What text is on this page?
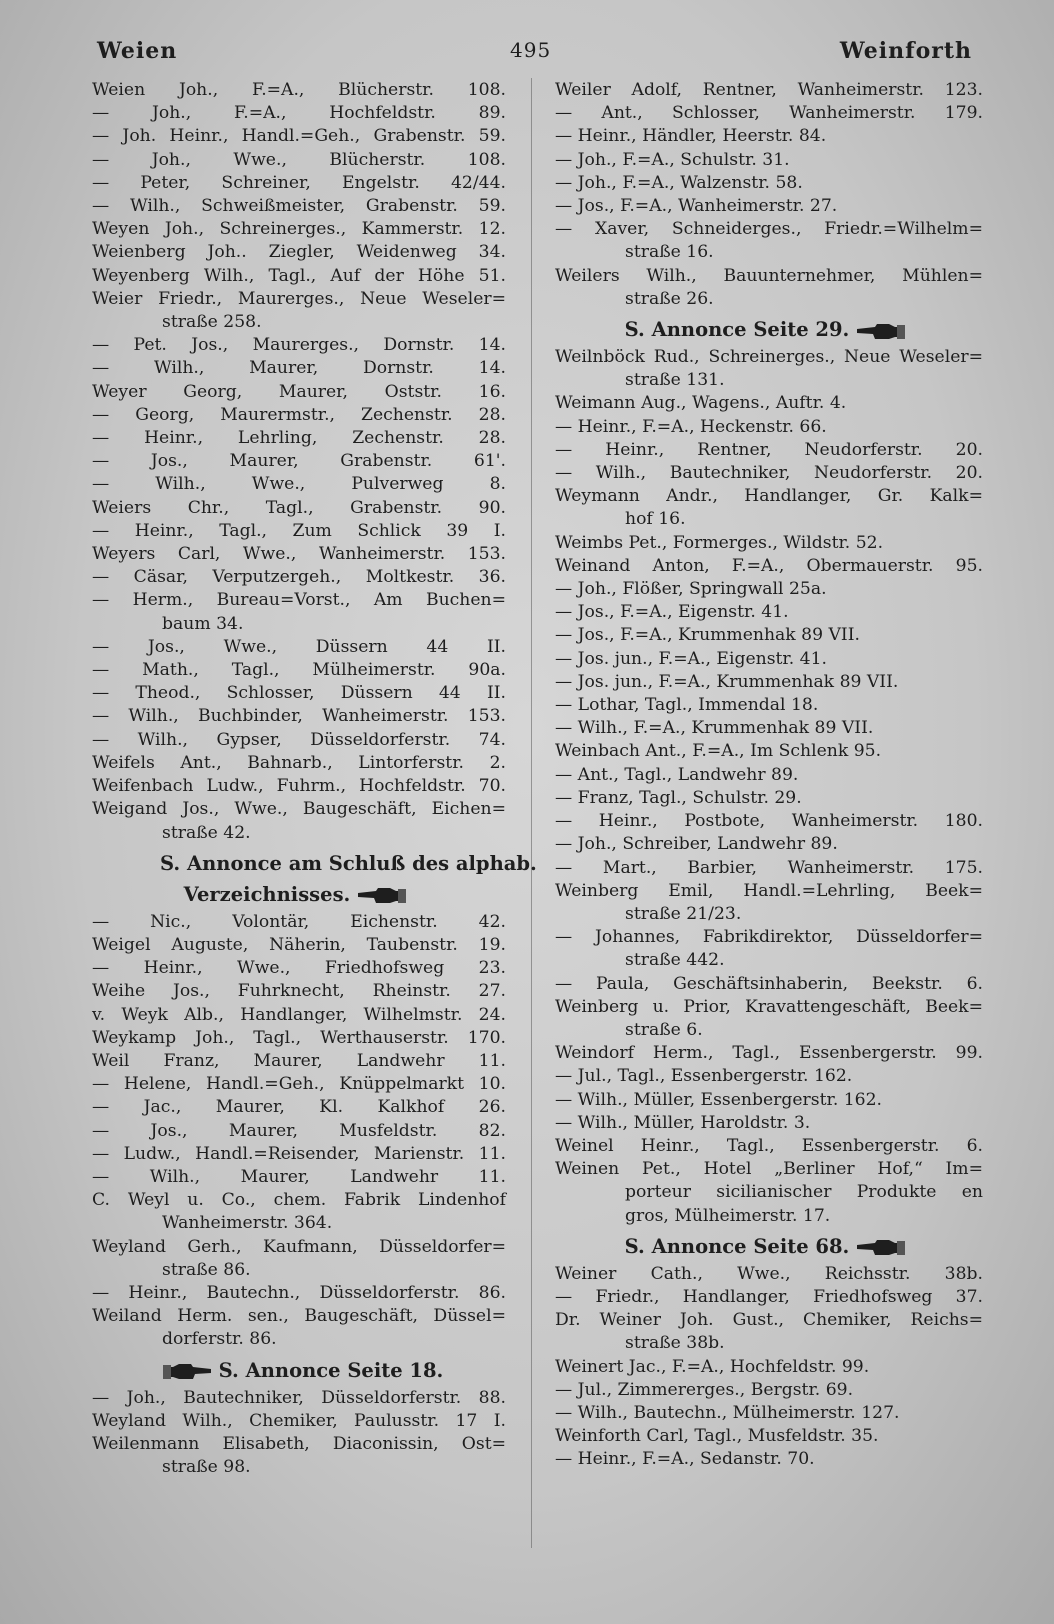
Weien	495	Weinforth
Weien Joh., F.=A., Blücherstr. 108.
— Joh., F.=A., Hochfeldstr. 89.
— Joh. Heinr., Handl.=Geh., Grabenstr. 59.
— Joh., Wwe., Blücherstr. 108.
— Peter, Schreiner, Engelstr. 42/44.
— Wilh., Schweißmeister, Grabenstr. 59.
Weyen Joh., Schreinerges., Kammerstr. 12.
Weienberg Joh.. Ziegler, Weidenweg 34.
Weyenberg Wilh., Tagl., Auf der Höhe 51.
Weier Friedr., Maurerges., Neue Weseler=
straße 258.
— Pet. Jos., Maurerges., Dornstr. 14.
— Wilh., Maurer, Dornstr. 14.
Weyer Georg, Maurer, Oststr. 16.
— Georg, Maurermstr., Zechenstr. 28.
— Heinr., Lehrling, Zechenstr. 28.
— Jos., Maurer, Grabenstr. 61'.
— Wilh., Wwe., Pulverweg 8.
Weiers Chr., Tagl., Grabenstr. 90.
— Heinr., Tagl., Zum Schlick 39 I.
Weyers Carl, Wwe., Wanheimerstr. 153.
— Cäsar, Verputzergeh., Moltkestr. 36.
— Herm., Bureau=Vorst., Am Buchen=
baum 34.
— Jos., Wwe., Düssern 44 II.
— Math., Tagl., Mülheimerstr. 90a.
— Theod., Schlosser, Düssern 44 II.
— Wilh., Buchbinder, Wanheimerstr. 153.
— Wilh., Gypser, Düsseldorferstr. 74.
Weifels Ant., Bahnarb., Lintorferstr. 2.
Weifenbach Ludw., Fuhrm., Hochfeldstr. 70.
Weigand Jos., Wwe., Baugeschäft, Eichen=
straße 42.
S. Annonce am Schluß des alphab.
Verzeichnisses.
— Nic., Volontär, Eichenstr. 42.
Weigel Auguste, Näherin, Taubenstr. 19.
— Heinr., Wwe., Friedhofsweg 23.
Weihe Jos., Fuhrknecht, Rheinstr. 27.
v. Weyk Alb., Handlanger, Wilhelmstr. 24.
Weykamp Joh., Tagl., Werthauserstr. 170.
Weil Franz, Maurer, Landwehr 11.
— Helene, Handl.=Geh., Knüppelmarkt 10.
— Jac., Maurer, Kl. Kalkhof 26.
— Jos., Maurer, Musfeldstr. 82.
— Ludw., Handl.=Reisender, Marienstr. 11.
— Wilh., Maurer, Landwehr 11.
C. Weyl u. Co., chem. Fabrik Lindenhof
Wanheimerstr. 364.
Weyland Gerh., Kaufmann, Düsseldorfer=
straße 86.
— Heinr., Bautechn., Düsseldorferstr. 86.
Weiland Herm. sen., Baugeschäft, Düssel=
dorferstr. 86.
S. Annonce Seite 18.
— Joh., Bautechniker, Düsseldorferstr. 88.
Weyland Wilh., Chemiker, Paulusstr. 17 I.
Weilenmann Elisabeth, Diaconissin, Ost=
straße 98.
Weiler Adolf, Rentner, Wanheimerstr. 123.
— Ant., Schlosser, Wanheimerstr. 179.
— Heinr., Händler, Heerstr. 84.
— Joh., F.=A., Schulstr. 31.
— Joh., F.=A., Walzenstr. 58.
— Jos., F.=A., Wanheimerstr. 27.
— Xaver, Schneiderges., Friedr.=Wilhelm=
straße 16.
Weilers Wilh., Bauunternehmer, Mühlen=
straße 26.
S. Annonce Seite 29.
Weilnböck Rud., Schreinerges., Neue Weseler=
straße 131.
Weimann Aug., Wagens., Auftr. 4.
— Heinr., F.=A., Heckenstr. 66.
— Heinr., Rentner, Neudorferstr. 20.
— Wilh., Bautechniker, Neudorferstr. 20.
Weymann Andr., Handlanger, Gr. Kalk=
hof 16.
Weimbs Pet., Formerges., Wildstr. 52.
Weinand Anton, F.=A., Obermauerstr. 95.
— Joh., Flößer, Springwall 25a.
— Jos., F.=A., Eigenstr. 41.
— Jos., F.=A., Krummenhak 89 VII.
— Jos. jun., F.=A., Eigenstr. 41.
— Jos. jun., F.=A., Krummenhak 89 VII.
— Lothar, Tagl., Immendal 18.
— Wilh., F.=A., Krummenhak 89 VII.
Weinbach Ant., F.=A., Im Schlenk 95.
— Ant., Tagl., Landwehr 89.
— Franz, Tagl., Schulstr. 29.
— Heinr., Postbote, Wanheimerstr. 180.
— Joh., Schreiber, Landwehr 89.
— Mart., Barbier, Wanheimerstr. 175.
Weinberg Emil, Handl.=Lehrling, Beek=
straße 21/23.
— Johannes, Fabrikdirektor, Düsseldorfer=
straße 442.
— Paula, Geschäftsinhaberin, Beekstr. 6.
Weinberg u. Prior, Kravattengeschäft, Beek=
straße 6.
Weindorf Herm., Tagl., Essenbergerstr. 99.
— Jul., Tagl., Essenbergerstr. 162.
— Wilh., Müller, Essenbergerstr. 162.
— Wilh., Müller, Haroldstr. 3.
Weinel Heinr., Tagl., Essenbergerstr. 6.
Weinen Pet., Hotel „Berliner Hof,“ Im=
porteur sicilianischer Produkte en
gros, Mülheimerstr. 17.
S. Annonce Seite 68.
Weiner Cath., Wwe., Reichsstr. 38b.
— Friedr., Handlanger, Friedhofsweg 37.
Dr. Weiner Joh. Gust., Chemiker, Reichs=
straße 38b.
Weinert Jac., F.=A., Hochfeldstr. 99.
— Jul., Zimmererges., Bergstr. 69.
— Wilh., Bautechn., Mülheimerstr. 127.
Weinforth Carl, Tagl., Musfeldstr. 35.
— Heinr., F.=A., Sedanstr. 70.
